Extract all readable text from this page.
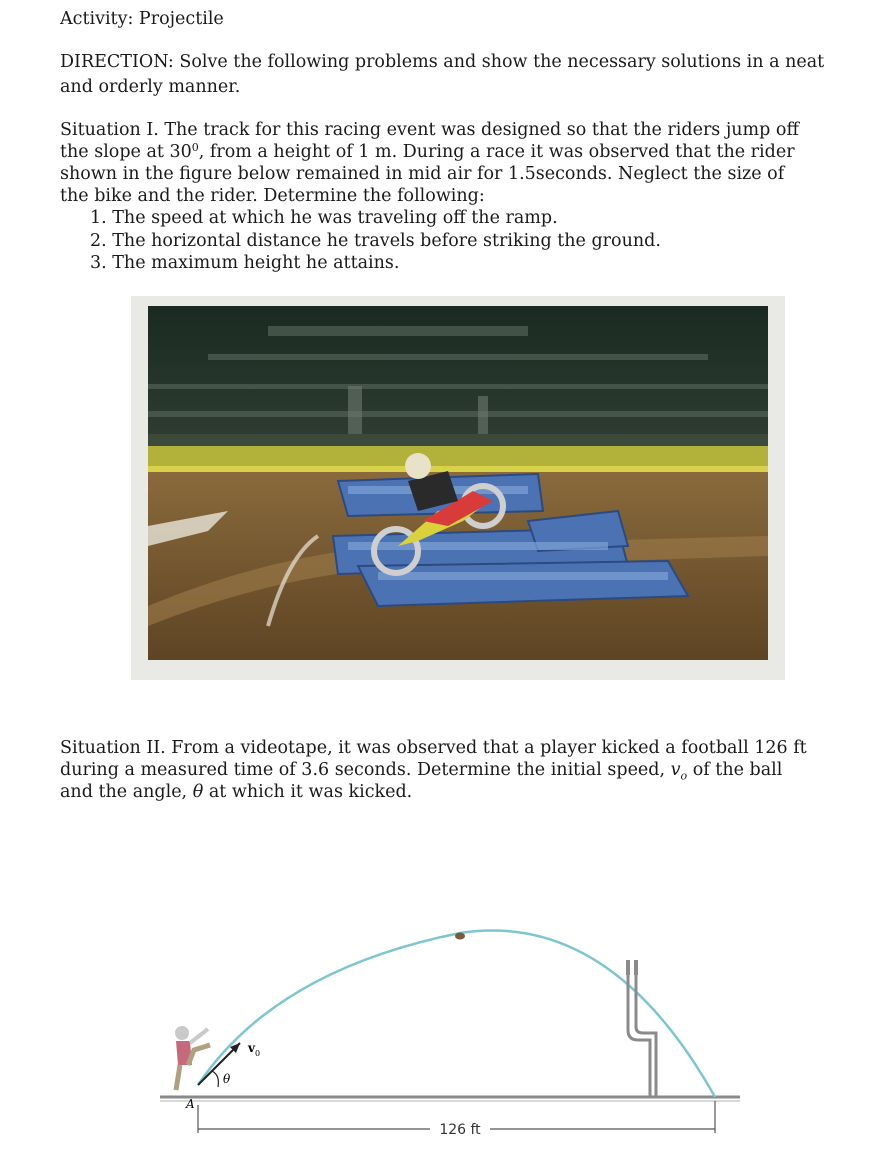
Activity: Projectile
DIRECTION: Solve the following problems and show the necessary solutions in a neat
and orderly manner.
Situation I. The track for this racing event was designed so that the riders jump off
the slope at $30^0$, from a height of 1 m. During a race it was observed that the rider
shown in the figure below remained in mid air for 1.5seconds. Neglect the size of
the bike and the rider. Determine the following:
1. The speed at which he was traveling off the ramp.
2. The horizontal distance he travels before striking the ground.
3. The maximum height he attains.
Situation II. From a videotape, it was observed that a player kicked a football 126 ft
during a measured time of 3.6 seconds. Determine the initial speed, $v_o$ of the ball
and the angle, θ at which it was kicked.
v 0
θ
A
126 ft
